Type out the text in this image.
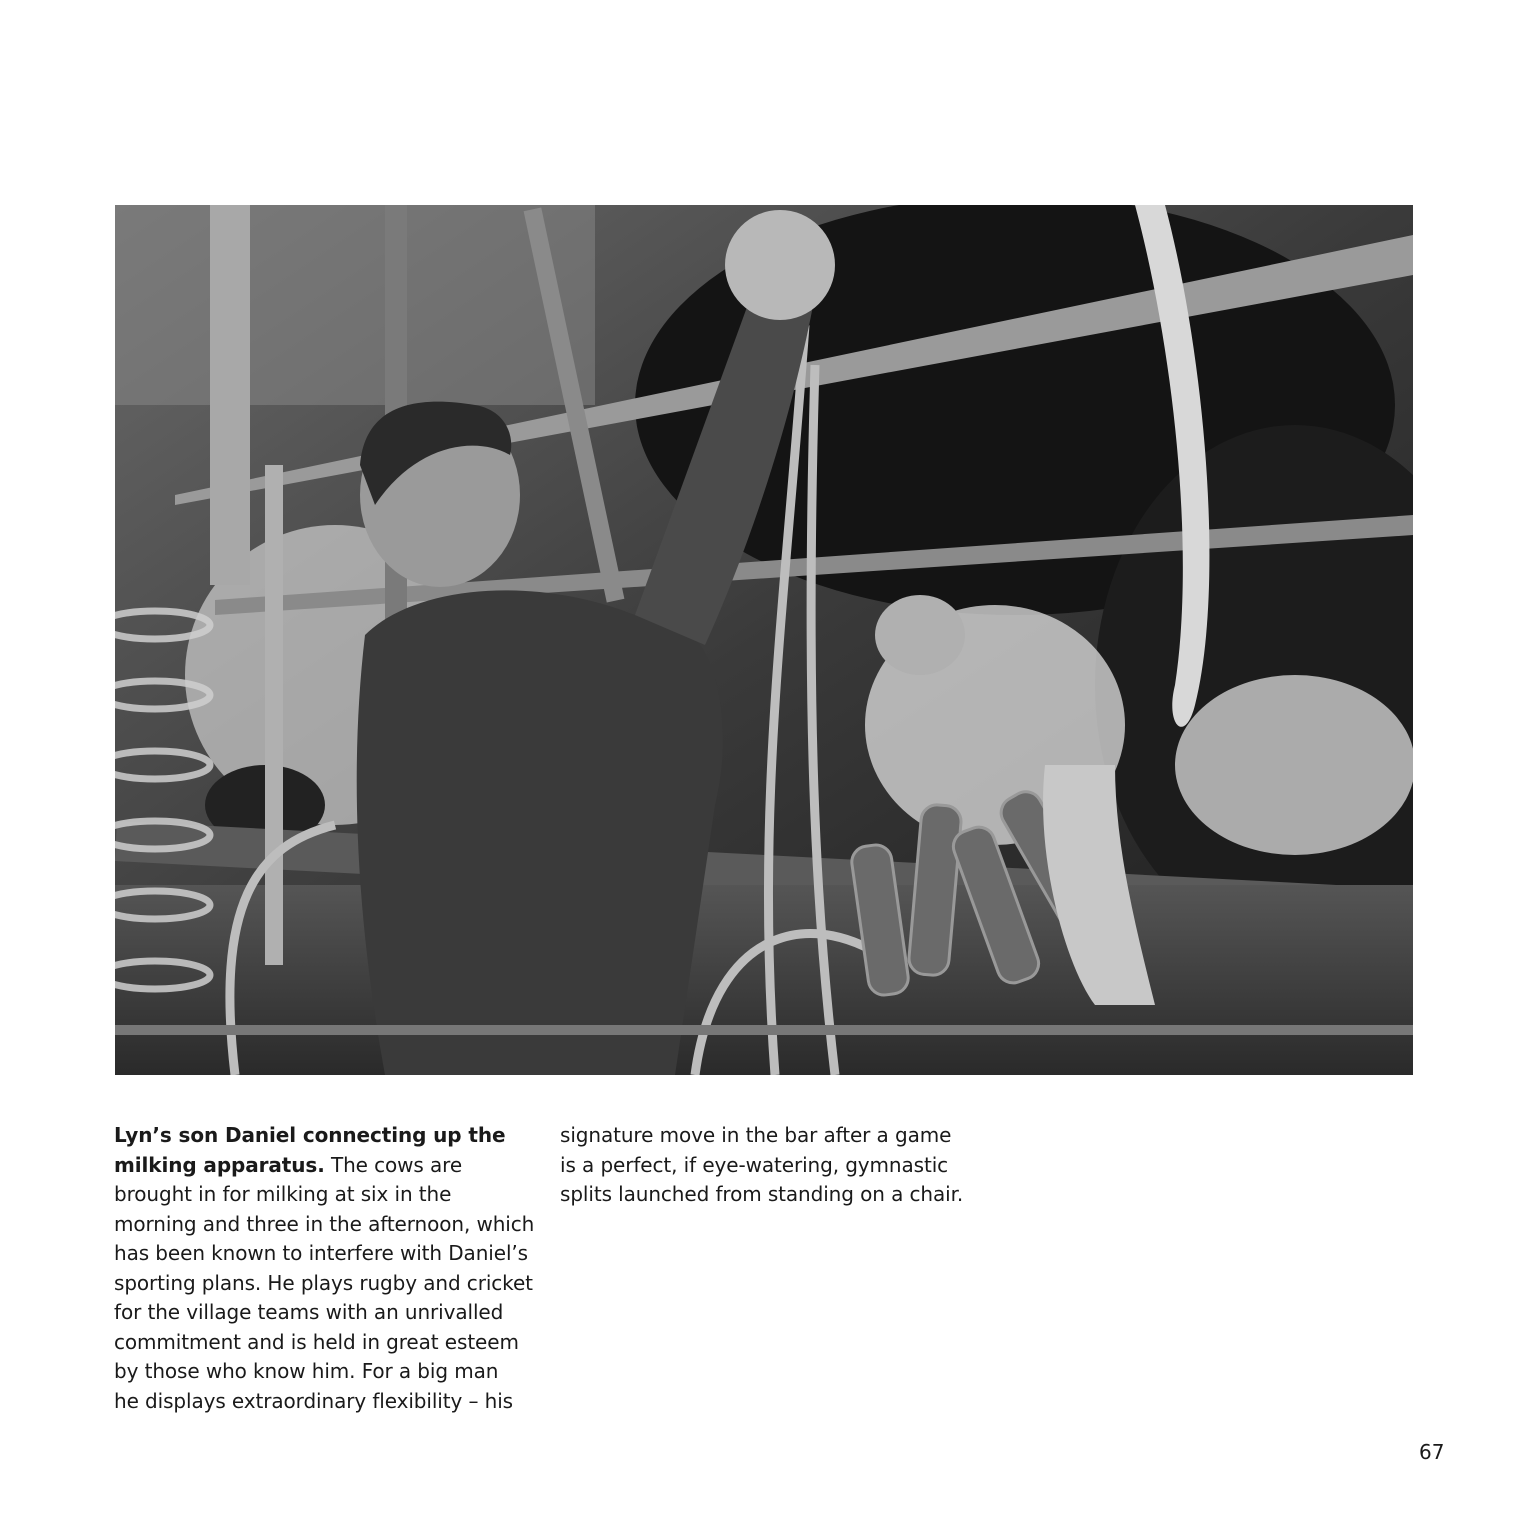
Lyn’s son Daniel connecting up the
milking apparatus. The cows are
brought in for milking at six in the
morning and three in the afternoon, which
has been known to interfere with Daniel’s
sporting plans. He plays rugby and cricket
for the village teams with an unrivalled
commitment and is held in great esteem
by those who know him. For a big man
he displays extraordinary flexibility – his

signature move in the bar after a game
is a perfect, if eye-watering, gymnastic
splits launched from standing on a chair.

67
